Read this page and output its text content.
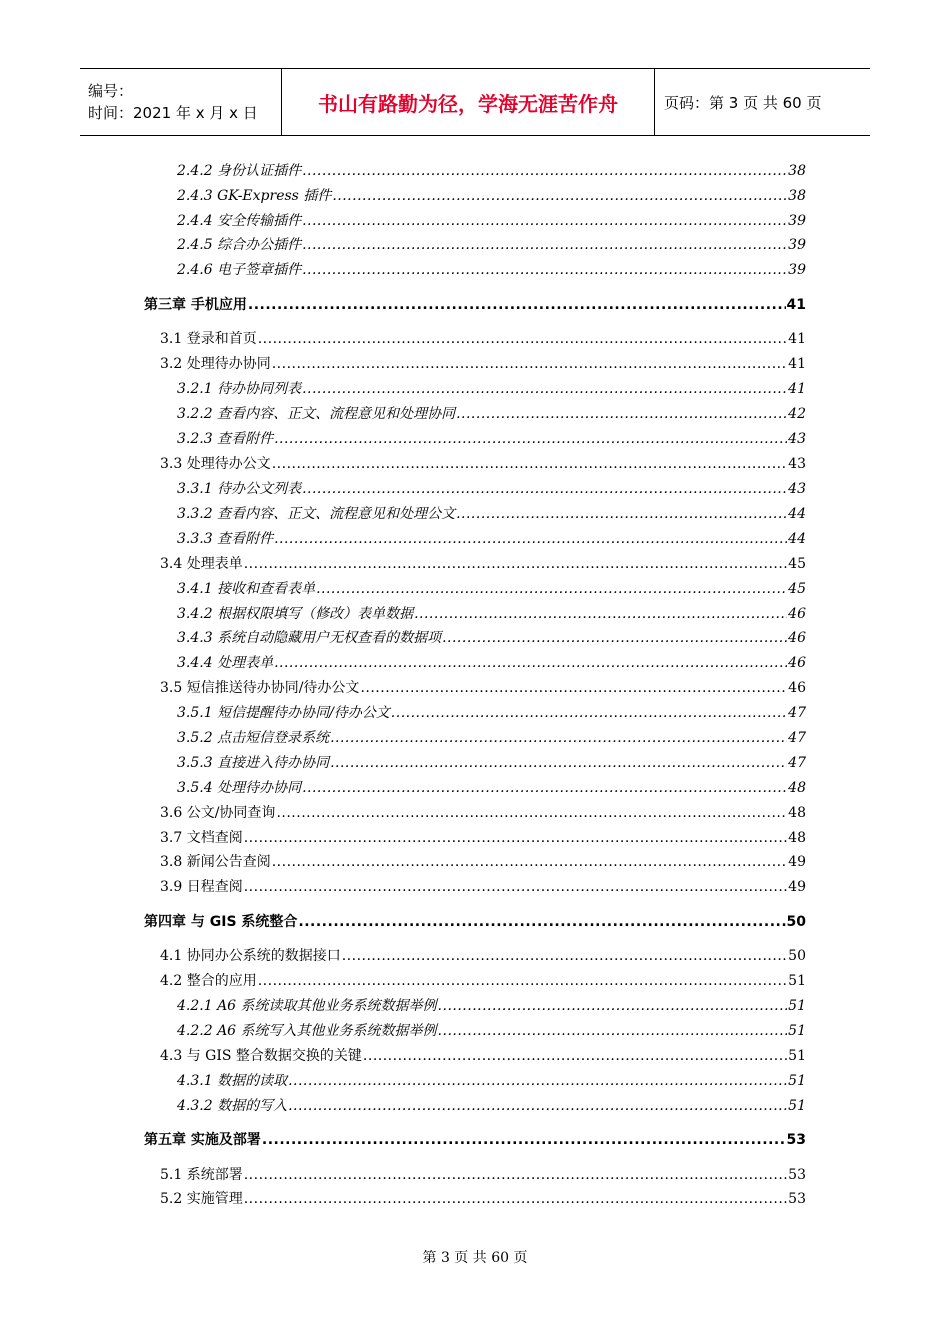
编号：
时间：2021 年 x 月 x 日	书山有路勤为径，学海无涯苦作舟	页码：第 3 页 共 60 页
2.4.2 身份认证插件 .....	38
2.4.3 GK-Express 插件 .....	38
2.4.4 安全传输插件 .....	39
2.4.5 综合办公插件 .....	39
2.4.6 电子签章插件 .....	39
第三章 手机应用 .....	41
3.1 登录和首页 .....	41
3.2 处理待办协同 .....	41
3.2.1 待办协同列表 .....	41
3.2.2 查看内容、正文、流程意见和处理协同 .....	42
3.2.3 查看附件 .....	43
3.3 处理待办公文 .....	43
3.3.1 待办公文列表 .....	43
3.3.2 查看内容、正文、流程意见和处理公文 .....	44
3.3.3 查看附件 .....	44
3.4 处理表单 .....	45
3.4.1 接收和查看表单 .....	45
3.4.2 根据权限填写（修改）表单数据 .....	46
3.4.3 系统自动隐藏用户无权查看的数据项 .....	46
3.4.4 处理表单 .....	46
3.5 短信推送待办协同/待办公文 .....	46
3.5.1 短信提醒待办协同/待办公文 .....	47
3.5.2 点击短信登录系统 .....	47
3.5.3 直接进入待办协同 .....	47
3.5.4 处理待办协同 .....	48
3.6 公文/协同查询 .....	48
3.7 文档查阅 .....	48
3.8 新闻公告查阅 .....	49
3.9 日程查阅 .....	49
第四章 与 GIS 系统整合 .....	50
4.1 协同办公系统的数据接口 .....	50
4.2 整合的应用 .....	51
4.2.1 A6 系统读取其他业务系统数据举例 .....	51
4.2.2 A6 系统写入其他业务系统数据举例 .....	51
4.3 与 GIS 整合数据交换的关键 .....	51
4.3.1 数据的读取 .....	51
4.3.2 数据的写入 .....	51
第五章 实施及部署 .....	53
5.1 系统部署 .....	53
5.2 实施管理 .....	53
第 3 页 共 60 页
